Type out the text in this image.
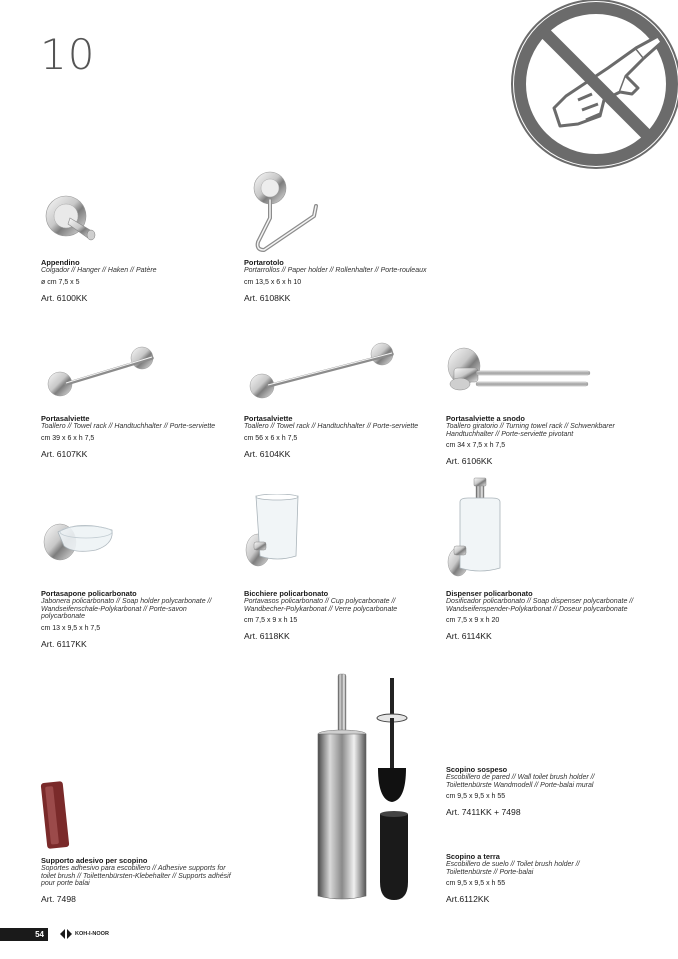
10
Appendino
Colgador // Hanger // Haken // Patère
ø cm 7,5 x 5
Art. 6100KK
Portarotolo
Portarrollos // Paper holder // Rollenhalter // Porte-rouleaux
cm 13,5 x 6 x h 10
Art. 6108KK
Portasalviette
Toallero // Towel rack // Handtuchhalter // Porte-serviette
cm 39 x 6 x h 7,5
Art. 6107KK
Portasalviette
Toallero // Towel rack // Handtuchhalter // Porte-serviette
cm 56 x 6 x h 7,5
Art. 6104KK
Portasalviette a snodo
Toallero giratorio // Turning towel rack // Schwenkbarer Handtuchhalter // Porte-serviette pivotant
cm 34 x 7,5 x h 7,5
Art. 6106KK
Portasapone policarbonato
Jabonera policarbonato // Soap holder polycarbonate // Wandseifenschale-Polykarbonat // Porte-savon polycarbonate
cm 13 x 9,5 x h 7,5
Art. 6117KK
Bicchiere policarbonato
Portavasos policarbonato // Cup polycarbonate // Wandbecher-Polykarbonat // Verre polycarbonate
cm 7,5 x 9 x h 15
Art. 6118KK
Dispenser policarbonato
Dosificador policarbonato // Soap dispenser polycarbonate // Wandseifenspender-Polykarbonat // Doseur polycarbonate
cm 7,5 x 9 x h 20
Art. 6114KK
Scopino sospeso
Escobillero de pared // Wall toilet brush holder // Toilettenbürste Wandmodell // Porte-balai mural
cm 9,5 x 9,5 x h 55
Art. 7411KK + 7498
Scopino a terra
Escobillero de suelo // Toilet brush holder // Toilettenbürste // Porte-balai
cm 9,5 x 9,5 x h 55
Art.6112KK
Supporto adesivo per scopino
Soportes adhesivo para escobillero // Adhesive supports for toilet brush // Toilettenbürsten-Klebehalter // Supports adhésif pour porte balai
Art. 7498
54	KOH-I-NOOR
